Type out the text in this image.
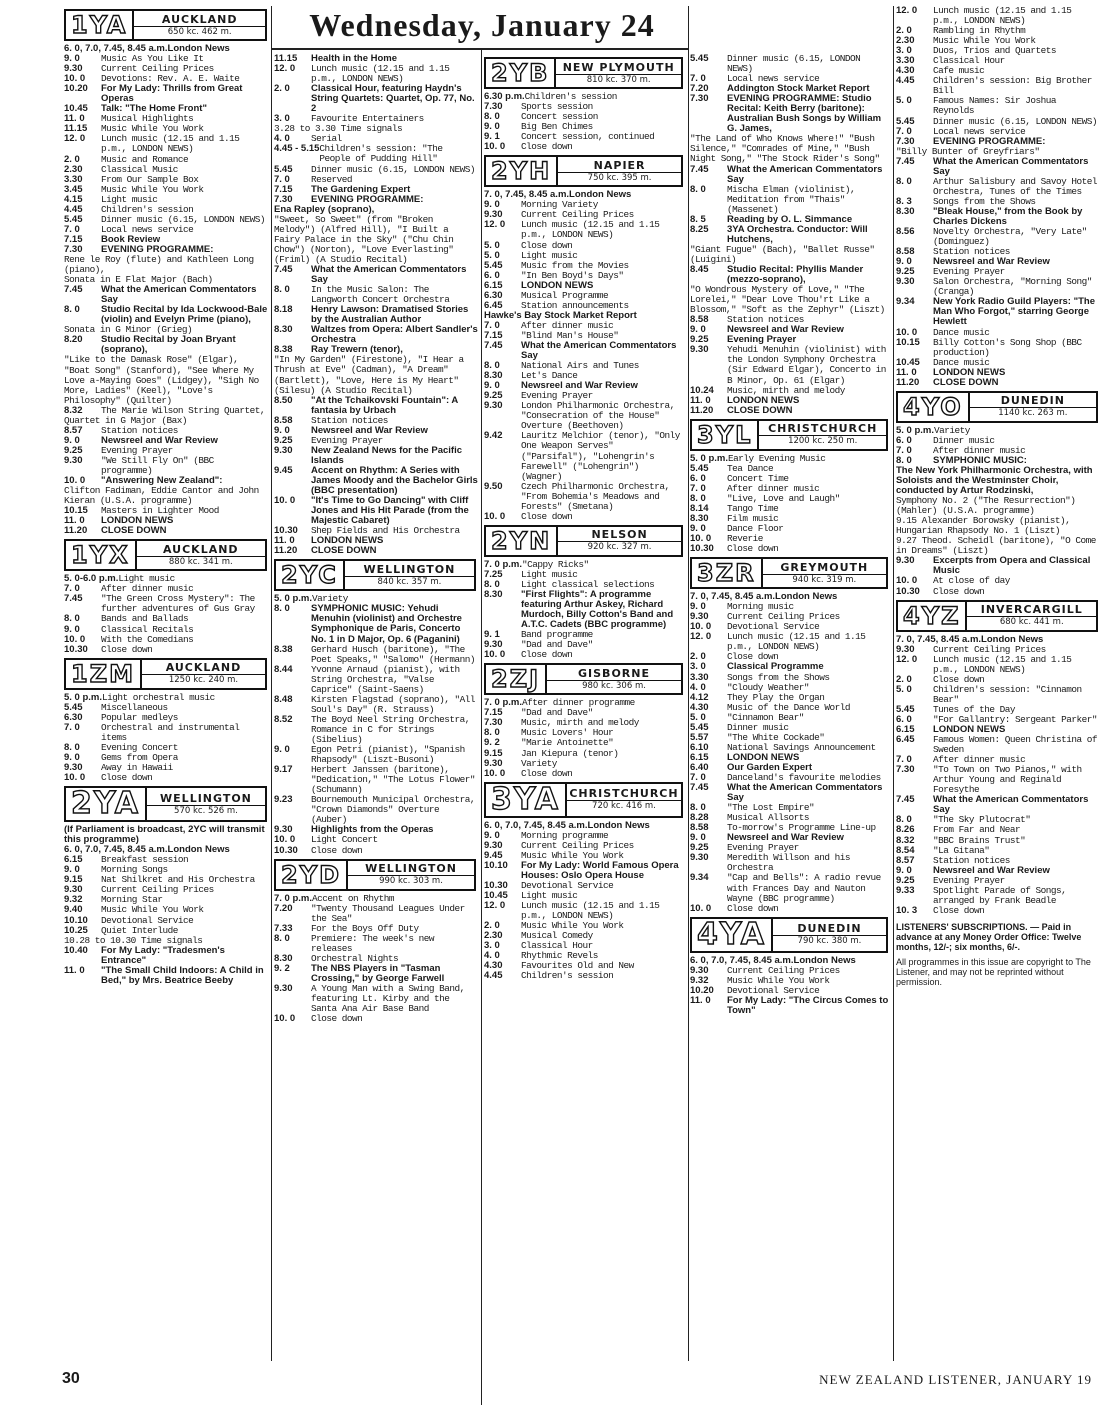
Wednesday, January 24
1YA	AUCKLAND
650 kc. 462 m.
6. 0, 7.0, 7.45, 8.45 a.m. London News
9. 0	Music As You Like It
9.30	Current Ceiling Prices
10. 0	Devotions: Rev. A. E. Waite
10.20	For My Lady: Thrills from Great Operas
10.45	Talk: "The Home Front"
11. 0	Musical Highlights
11.15	Music While You Work
12. 0	Lunch music (12.15 and 1.15 p.m., LONDON NEWS)
2. 0	Music and Romance
2.30	Classical Music
3.30	From Our Sample Box
3.45	Music While You Work
4.15	Light music
4.45	Children's session
5.45	Dinner music (6.15, LONDON NEWS)
7. 0	Local news service
7.15	Book Review
7.30	EVENING PROGRAMME:
Rene le Roy (flute) and Kathleen Long (piano),
Sonata in E Flat Major (Bach)
7.45	What the American Commentators Say
8. 0	Studio Recital by Ida Lockwood-Bale (violin) and Evelyn Prime (piano),
Sonata in G Minor (Grieg)
8.20	Studio Recital by Joan Bryant (soprano),
"Like to the Damask Rose" (Elgar), "Boat Song" (Stanford), "See Where My Love a-Maying Goes" (Lidgey), "Sigh No More, Ladies" (Keel), "Love's Philosophy" (Quilter)
8.32	The Marie Wilson String Quartet,
Quartet in G Major (Bax)
8.57	Station notices
9. 0	Newsreel and War Review
9.25	Evening Prayer
9.30	"We Still Fly On" (BBC programme)
10. 0	"Answering New Zealand":
Clifton Fadiman, Eddie Cantor and John Kieran (U.S.A. programme)
10.15	Masters in Lighter Mood
11. 0	LONDON NEWS
11.20	CLOSE DOWN
1YX	AUCKLAND
880 kc. 341 m.
5. 0-6.0 p.m. Light music
7. 0	After dinner music
7.45	"The Green Cross Mystery": The further adventures of Gus Gray
8. 0	Bands and Ballads
9. 0	Classical Recitals
10. 0	With the Comedians
10.30	Close down
1ZM	AUCKLAND
1250 kc. 240 m.
5. 0 p.m. Light orchestral music
5.45	Miscellaneous
6.30	Popular medleys
7. 0	Orchestral and instrumental items
8. 0	Evening Concert
9. 0	Gems from Opera
9.30	Away in Hawaii
10. 0	Close down
2YA	WELLINGTON
570 kc. 526 m.
(If Parliament is broadcast, 2YC will transmit this programme)
6. 0, 7.0, 7.45, 8.45 a.m. London News
6.15	Breakfast session
9. 0	Morning Songs
9.15	Nat Shilkret and His Orchestra
9.30	Current Ceiling Prices
9.32	Morning Star
9.40	Music While You Work
10.10	Devotional Service
10.25	Quiet Interlude
10.28 to 10.30 Time signals
10.40	For My Lady: "Tradesmen's Entrance"
11. 0	"The Small Child Indoors: A Child in Bed," by Mrs. Beatrice Beeby
11.15	Health in the Home
12. 0	Lunch music (12.15 and 1.15 p.m., LONDON NEWS)
2. 0	Classical Hour, featuring Haydn's String Quartets: Quartet, Op. 77, No. 2
3. 0	Favourite Entertainers
3.28 to 3.30 Time signals
4. 0	Serial
4.45 - 5.15 Children's session: "The People of Pudding Hill"
5.45	Dinner music (6.15, LONDON NEWS)
7. 0	Reserved
7.15	The Gardening Expert
7.30	EVENING PROGRAMME:
Ena Rapley (soprano),
"Sweet, So Sweet" (from "Broken Melody") (Alfred Hill), "I Built a Fairy Palace in the Sky" ("Chu Chin Chow") (Norton), "Love Everlasting" (Friml) (A Studio Recital)
7.45	What the American Commentators Say
8. 0	In the Music Salon: The Langworth Concert Orchestra
8.18	Henry Lawson: Dramatised Stories by the Australian Author
8.30	Waltzes from Opera: Albert Sandler's Orchestra
8.38	Ray Trewern (tenor),
"In My Garden" (Firestone), "I Hear a Thrush at Eve" (Cadman), "A Dream" (Bartlett), "Love, Here is My Heart" (Silesu) (A Studio Recital)
8.50	"At the Tchaikovski Fountain": A fantasia by Urbach
8.58	Station notices
9. 0	Newsreel and War Review
9.25	Evening Prayer
9.30	New Zealand News for the Pacific Islands
9.45	Accent on Rhythm: A Series with James Moody and the Bachelor Girls (BBC presentation)
10. 0	"It's Time to Go Dancing" with Cliff Jones and His Hit Parade (from the Majestic Cabaret)
10.30	Shep Fields and His Orchestra
11. 0	LONDON NEWS
11.20	CLOSE DOWN
2YC	WELLINGTON
840 kc. 357 m.
5. 0 p.m. Variety
8. 0	SYMPHONIC MUSIC: Yehudi Menuhin (violinist) and Orchestre Symphonique de Paris, Concerto No. 1 in D Major, Op. 6 (Paganini)
8.38	Gerhard Husch (baritone), "The Poet Speaks," "Salomo" (Hermann)
8.44	Yvonne Arnaud (pianist), with String Orchestra, "Valse Caprice" (Saint-Saens)
8.48	Kirsten Flagstad (soprano), "All Soul's Day" (R. Strauss)
8.52	The Boyd Neel String Orchestra, Romance in C for Strings (Sibelius)
9. 0	Egon Petri (pianist), "Spanish Rhapsody" (Liszt-Busoni)
9.17	Herbert Janssen (baritone), "Dedication," "The Lotus Flower" (Schumann)
9.23	Bournemouth Municipal Orchestra, "Crown Diamonds" Overture (Auber)
9.30	Highlights from the Operas
10. 0	Light Concert
10.30	Close down
2YD	WELLINGTON
990 kc. 303 m.
7. 0 p.m. Accent on Rhythm
7.20	"Twenty Thousand Leagues Under the Sea"
7.33	For the Boys Off Duty
8. 0	Premiere: The week's new releases
8.30	Orchestral Nights
9. 2	The NBS Players in "Tasman Crossing," by George Farwell
9.30	A Young Man with a Swing Band, featuring Lt. Kirby and the Santa Ana Air Base Band
10. 0	Close down
2YB	NEW PLYMOUTH
810 kc. 370 m.
6.30 p.m. Children's session
7.30	Sports session
8. 0	Concert session
9. 0	Big Ben Chimes
9. 1	Concert session, continued
10. 0	Close down
2YH	NAPIER
750 kc. 395 m.
7. 0, 7.45, 8.45 a.m. London News
9. 0	Morning Variety
9.30	Current Ceiling Prices
12. 0	Lunch music (12.15 and 1.15 p.m., LONDON NEWS)
5. 0	Close down
5. 0	Light music
5.45	Music from the Movies
6. 0	"In Ben Boyd's Days"
6.15	LONDON NEWS
6.30	Musical Programme
6.45	Station announcements
Hawke's Bay Stock Market Report
7. 0	After dinner music
7.15	"Blind Man's House"
7.45	What the American Commentators Say
8. 0	National Airs and Tunes
8.30	Let's Dance
9. 0	Newsreel and War Review
9.25	Evening Prayer
9.30	London Philharmonic Orchestra, "Consecration of the House" Overture (Beethoven)
9.42	Lauritz Melchior (tenor), "Only One Weapon Serves" ("Parsifal"), "Lohengrin's Farewell" ("Lohengrin") (Wagner)
9.50	Czech Philharmonic Orchestra, "From Bohemia's Meadows and Forests" (Smetana)
10. 0	Close down
2YN	NELSON
920 kc. 327 m.
7. 0 p.m. "Cappy Ricks"
7.25	Light music
8. 0	Light classical selections
8.30	"First Flights": A programme featuring Arthur Askey, Richard Murdoch, Billy Cotton's Band and A.T.C. Cadets (BBC programme)
9. 1	Band programme
9.30	"Dad and Dave"
10. 0	Close down
2ZJ	GISBORNE
980 kc. 306 m.
7. 0 p.m. After dinner programme
7.15	"Dad and Dave"
7.30	Music, mirth and melody
8. 0	Music Lovers' Hour
9. 2	"Marie Antoinette"
9.15	Jan Kiepura (tenor)
9.30	Variety
10. 0	Close down
3YA CHRISTCHURCH
720 kc. 416 m.
6. 0, 7.0, 7.45, 8.45 a.m. London News
9. 0	Morning programme
9.30	Current Ceiling Prices
9.45	Music While You Work
10.10	For My Lady: World Famous Opera Houses: Oslo Opera House
10.30	Devotional Service
10.45	Light music
12. 0	Lunch music (12.15 and 1.15 p.m., LONDON NEWS)
2. 0	Music While You Work
2.30	Musical Comedy
3. 0	Classical Hour
4. 0	Rhythmic Revels
4.30	Favourites Old and New
4.45	Children's session
5.45	Dinner music (6.15, LONDON NEWS)
7. 0	Local news service
7.20	Addington Stock Market Report
7.30	EVENING PROGRAMME: Studio Recital: Keith Berry (baritone): Australian Bush Songs by William G. James,
"The Land of Who Knows Where!" "Bush Silence," "Comrades of Mine," "Bush Night Song," "The Stock Rider's Song"
7.45	What the American Commentators Say
8. 0	Mischa Elman (violinist), Meditation from "Thais" (Massenet)
8. 5	Reading by O. L. Simmance
8.25	3YA Orchestra. Conductor: Will Hutchens,
"Giant Fugue" (Bach), "Ballet Russe" (Luigini)
8.45	Studio Recital: Phyllis Mander (mezzo-soprano),
"O Wondrous Mystery of Love," "The Lorelei," "Dear Love Thou'rt Like a Blossom," "Soft as the Zephyr" (Liszt)
8.58	Station notices
9. 0	Newsreel and War Review
9.25	Evening Prayer
9.30	Yehudi Menuhin (violinist) with the London Symphony Orchestra (Sir Edward Elgar), Concerto in B Minor, Op. 61 (Elgar)
10.24	Music, mirth and melody
11. 0	LONDON NEWS
11.20	CLOSE DOWN
3YL	CHRISTCHURCH
1200 kc. 250 m.
5. 0 p.m. Early Evening Music
5.45	Tea Dance
6. 0	Concert Time
7. 0	After dinner music
8. 0	"Live, Love and Laugh"
8.14	Tango Time
8.30	Film music
9. 0	Dance Floor
10. 0	Reverie
10.30	Close down
3ZR	GREYMOUTH
940 kc. 319 m.
7. 0, 7.45, 8.45 a.m. London News
9. 0	Morning music
9.30	Current Ceiling Prices
10. 0	Devotional Service
12. 0	Lunch music (12.15 and 1.15 p.m., LONDON NEWS)
2. 0	Close down
3. 0	Classical Programme
3.30	Songs from the Shows
4. 0	"Cloudy Weather"
4.12	They Play the Organ
4.30	Music of the Dance World
5. 0	"Cinnamon Bear"
5.45	Dinner music
5.57	"The White Cockade"
6.10	National Savings Announcement
6.15	LONDON NEWS
6.40	Our Garden Expert
7. 0	Danceland's favourite melodies
7.45	What the American Commentators Say
8. 0	"The Lost Empire"
8.28	Musical Allsorts
8.58	To-morrow's Programme Line-up
9. 0	Newsreel and War Review
9.25	Evening Prayer
9.30	Meredith Willson and his Orchestra
9.34	"Cap and Bells": A radio revue with Frances Day and Nauton Wayne (BBC programme)
10. 0	Close down
4YA	DUNEDIN
790 kc. 380 m.
6. 0, 7.0, 7.45, 8.45 a.m. London News
9.30	Current Ceiling Prices
9.32	Music While You Work
10.20	Devotional Service
11. 0	For My Lady: "The Circus Comes to Town"
12. 0	Lunch music (12.15 and 1.15 p.m., LONDON NEWS)
2. 0	Rambling in Rhythm
2.30	Music While You Work
3. 0	Duos, Trios and Quartets
3.30	Classical Hour
4.30	Cafe music
4.45	Children's session: Big Brother Bill
5. 0	Famous Names: Sir Joshua Reynolds
5.45	Dinner music (6.15, LONDON NEWS)
7. 0	Local news service
7.30	EVENING PROGRAMME:
"Billy Bunter of Greyfriars"
7.45	What the American Commentators Say
8. 0	Arthur Salisbury and Savoy Hotel Orchestra, Tunes of the Times
8. 3	Songs from the Shows
8.30	"Bleak House," from the Book by Charles Dickens
8.56	Novelty Orchestra, "Very Late" (Dominguez)
8.58	Station notices
9. 0	Newsreel and War Review
9.25	Evening Prayer
9.30	Salon Orchestra, "Morning Song" (Cranga)
9.34	New York Radio Guild Players: "The Man Who Forgot," starring George Hewlett
10. 0	Dance music
10.15	Billy Cotton's Song Shop (BBC production)
10.45	Dance music
11. 0	LONDON NEWS
11.20	CLOSE DOWN
4YO	DUNEDIN
1140 kc. 263 m.
5. 0 p.m. Variety
6. 0	Dinner music
7. 0	After dinner music
8. 0	SYMPHONIC MUSIC:
The New York Philharmonic Orchestra, with Soloists and the Westminster Choir, conducted by Artur Rodzinski,
Symphony No. 2 ("The Resurrection") (Mahler) (U.S.A. programme)
9.15 Alexander Borowsky (pianist), Hungarian Rhapsody No. 1 (Liszt)
9.27 Theod. Scheidl (baritone), "O Come in Dreams" (Liszt)
9.30	Excerpts from Opera and Classical Music
10. 0	At close of day
10.30	Close down
4YZ	INVERCARGILL
680 kc. 441 m.
7. 0, 7.45, 8.45 a.m. London News
9.30	Current Ceiling Prices
12. 0	Lunch music (12.15 and 1.15 p.m., LONDON NEWS)
2. 0	Close down
5. 0	Children's session: "Cinnamon Bear"
5.45	Tunes of the Day
6. 0	"For Gallantry: Sergeant Parker"
6.15	LONDON NEWS
6.45	Famous Women: Queen Christina of Sweden
7. 0	After dinner music
7.30	"To Town on Two Pianos," with Arthur Young and Reginald Foresythe
7.45	What the American Commentators Say
8. 0	"The Sky Plutocrat"
8.26	From Far and Near
8.32	"BBC Brains Trust"
8.54	"La Gitana"
8.57	Station notices
9. 0	Newsreel and War Review
9.25	Evening Prayer
9.33	Spotlight Parade of Songs, arranged by Frank Beadle
10. 3	Close down
LISTENERS' SUBSCRIPTIONS. — Paid in advance at any Money Order Office: Twelve months, 12/-; six months, 6/-.
All programmes in this issue are copyright to The Listener, and may not be reprinted without permission.
30	NEW ZEALAND LISTENER, JANUARY 19
